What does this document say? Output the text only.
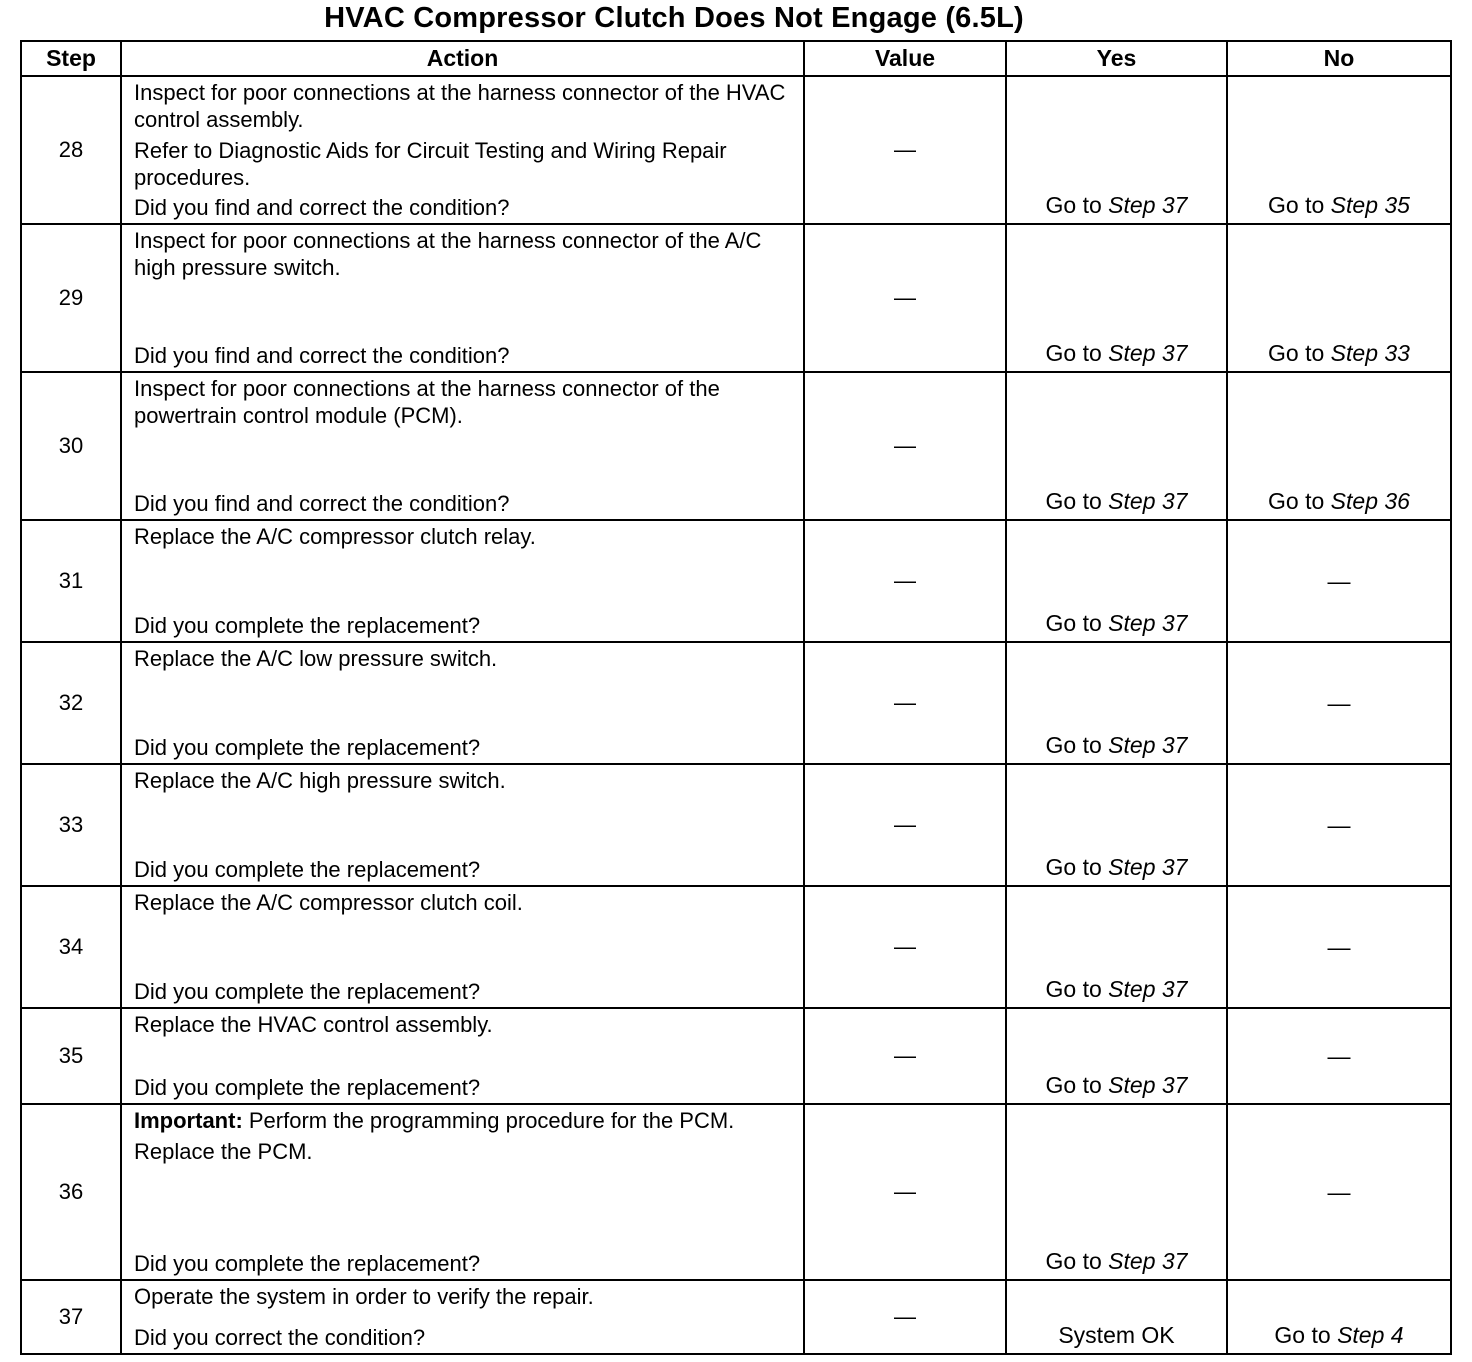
HVAC Compressor Clutch Does Not Engage (6.5L)
Step	Action	Value	Yes	No
28	Inspect for poor connections at the harness connector of the HVAC control assembly.

Refer to Diagnostic Aids for Circuit Testing and Wiring Repair procedures.

Did you find and correct the condition?	—	Go to Step 37	Go to Step 35
29	Inspect for poor connections at the harness connector of the A/C high pressure switch.

Did you find and correct the condition?	—	Go to Step 37	Go to Step 33
30	Inspect for poor connections at the harness connector of the powertrain control module (PCM).

Did you find and correct the condition?	—	Go to Step 37	Go to Step 36
31	Replace the A/C compressor clutch relay.

Did you complete the replacement?	—	Go to Step 37	—
32	Replace the A/C low pressure switch.

Did you complete the replacement?	—	Go to Step 37	—
33	Replace the A/C high pressure switch.

Did you complete the replacement?	—	Go to Step 37	—
34	Replace the A/C compressor clutch coil.

Did you complete the replacement?	—	Go to Step 37	—
35	Replace the HVAC control assembly.

Did you complete the replacement?	—	Go to Step 37	—
36	Important: Perform the programming procedure for the PCM.

Replace the PCM.

Did you complete the replacement?	—	Go to Step 37	—
37	Operate the system in order to verify the repair.

Did you correct the condition?	—	System OK	Go to Step 4
